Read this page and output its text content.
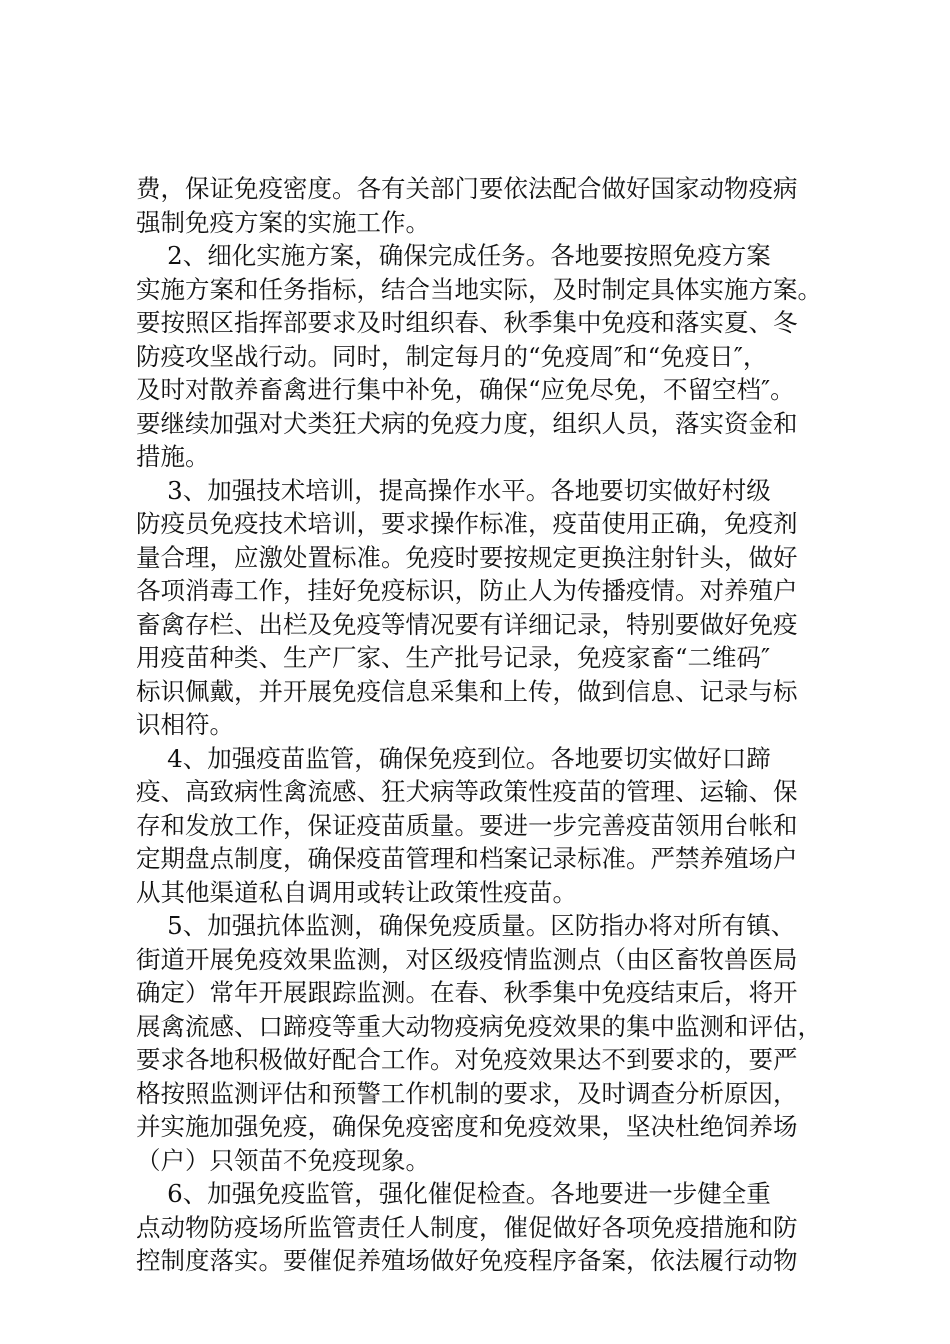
费，保证免疫密度。各有关部门要依法配合做好国家动物疫病
强制免疫方案的实施工作。
2、细化实施方案，确保完成任务。各地要按照免疫方案
实施方案和任务指标，结合当地实际，及时制定具体实施方案。
要按照区指挥部要求及时组织春、秋季集中免疫和落实夏、冬
防疫攻坚战行动。同时，制定每月的“免疫周″和“免疫日″，
及时对散养畜禽进行集中补免，确保“应免尽免，不留空档″。
要继续加强对犬类狂犬病的免疫力度，组织人员，落实资金和
措施。
3、加强技术培训，提高操作水平。各地要切实做好村级
防疫员免疫技术培训，要求操作标准，疫苗使用正确，免疫剂
量合理，应激处置标准。免疫时要按规定更换注射针头，做好
各项消毒工作，挂好免疫标识，防止人为传播疫情。对养殖户
畜禽存栏、出栏及免疫等情况要有详细记录，特别要做好免疫
用疫苗种类、生产厂家、生产批号记录，免疫家畜“二维码″
标识佩戴，并开展免疫信息采集和上传，做到信息、记录与标
识相符。
4、加强疫苗监管，确保免疫到位。各地要切实做好口蹄
疫、高致病性禽流感、狂犬病等政策性疫苗的管理、运输、保
存和发放工作，保证疫苗质量。要进一步完善疫苗领用台帐和
定期盘点制度，确保疫苗管理和档案记录标准。严禁养殖场户
从其他渠道私自调用或转让政策性疫苗。
5、加强抗体监测，确保免疫质量。区防指办将对所有镇、
街道开展免疫效果监测，对区级疫情监测点（由区畜牧兽医局
确定）常年开展跟踪监测。在春、秋季集中免疫结束后，将开
展禽流感、口蹄疫等重大动物疫病免疫效果的集中监测和评估，
要求各地积极做好配合工作。对免疫效果达不到要求的，要严
格按照监测评估和预警工作机制的要求，及时调查分析原因，
并实施加强免疫，确保免疫密度和免疫效果，坚决杜绝饲养场
（户）只领苗不免疫现象。
6、加强免疫监管，强化催促检查。各地要进一步健全重
点动物防疫场所监管责任人制度，催促做好各项免疫措施和防
控制度落实。要催促养殖场做好免疫程序备案，依法履行动物
